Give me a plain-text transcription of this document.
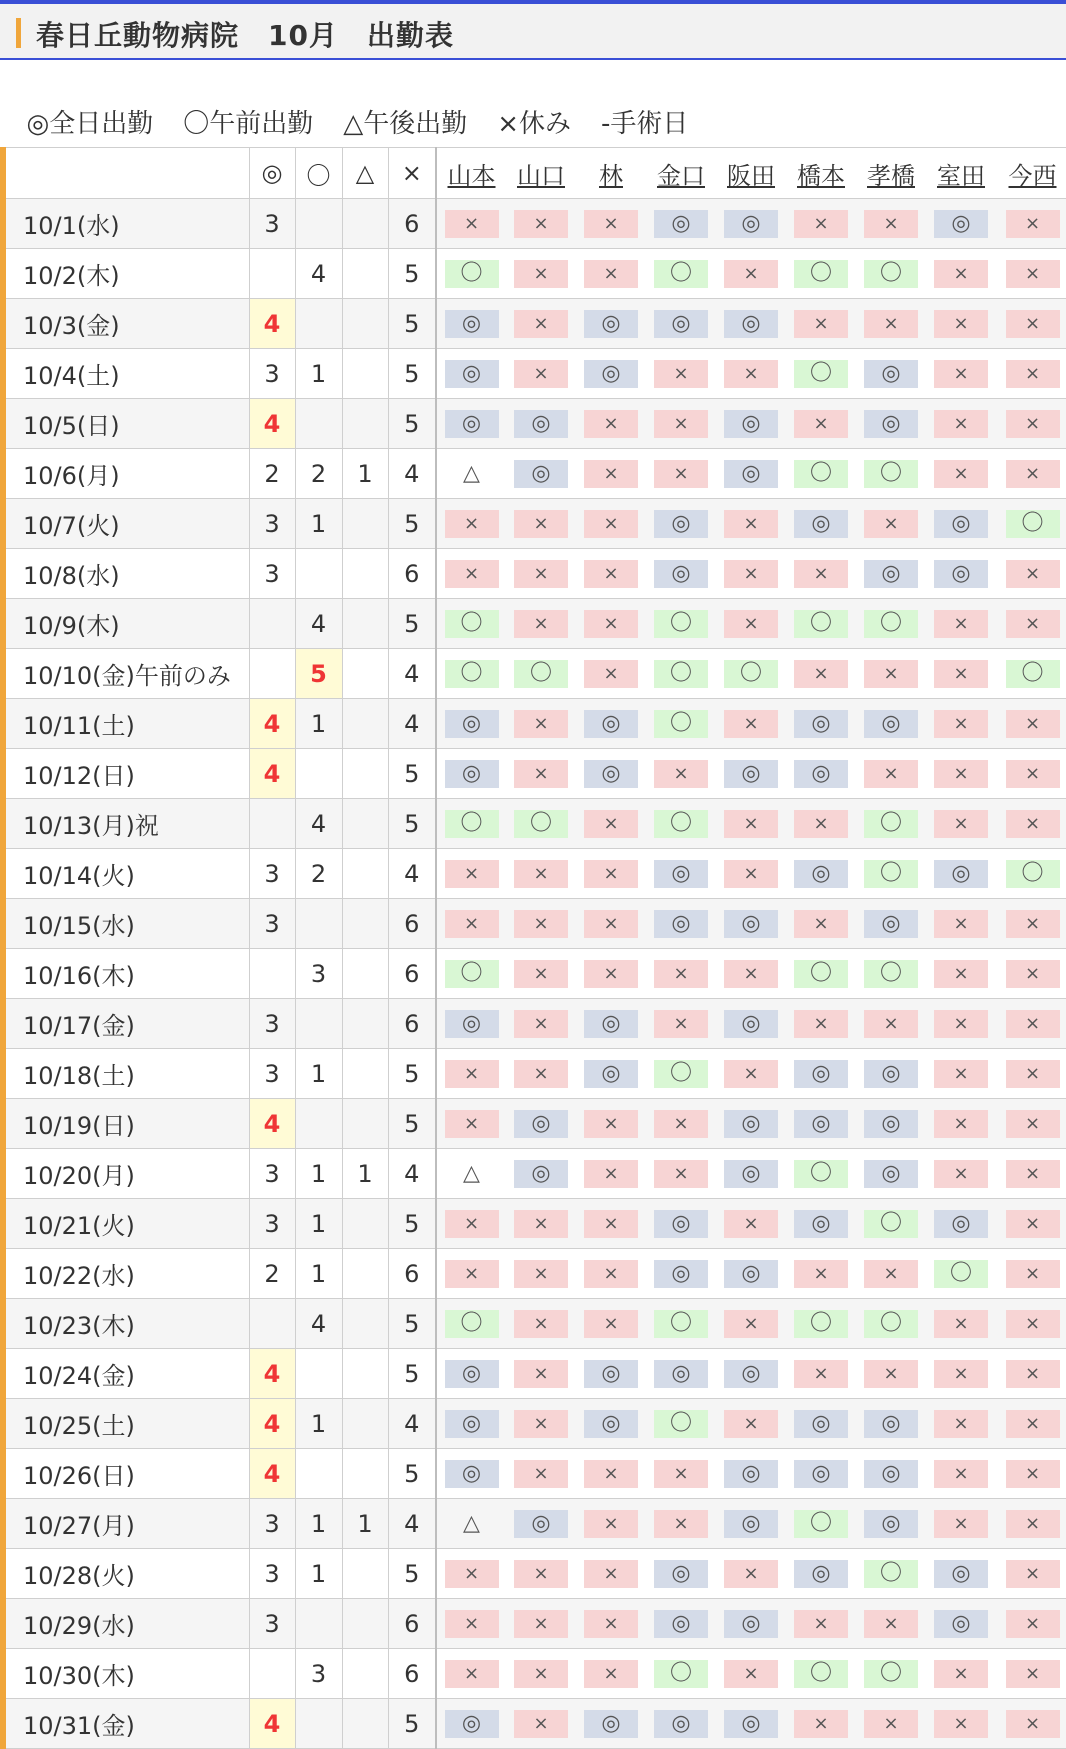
春日丘動物病院　10月　出勤表

◎全日出勤 〇午前出勤 △午後出勤 ×休み -手術日

	◎	〇	△	×	山本	山口	林	金口	阪田	橋本	孝橋	室田	今西
10/1(水)	3			6	×	×	×	◎	◎	×	×	◎	×
10/2(木)		4		5	〇	×	×	〇	×	〇	〇	×	×
10/3(金)	4			5	◎	×	◎	◎	◎	×	×	×	×
10/4(土)	3	1		5	◎	×	◎	×	×	〇	◎	×	×
10/5(日)	4			5	◎	◎	×	×	◎	×	◎	×	×
10/6(月)	2	2	1	4	△	◎	×	×	◎	〇	〇	×	×
10/7(火)	3	1		5	×	×	×	◎	×	◎	×	◎	〇
10/8(水)	3			6	×	×	×	◎	×	×	◎	◎	×
10/9(木)		4		5	〇	×	×	〇	×	〇	〇	×	×
10/10(金)午前のみ		5		4	〇	〇	×	〇	〇	×	×	×	〇
10/11(土)	4	1		4	◎	×	◎	〇	×	◎	◎	×	×
10/12(日)	4			5	◎	×	◎	×	◎	◎	×	×	×
10/13(月)祝		4		5	〇	〇	×	〇	×	×	〇	×	×
10/14(火)	3	2		4	×	×	×	◎	×	◎	〇	◎	〇
10/15(水)	3			6	×	×	×	◎	◎	×	◎	×	×
10/16(木)		3		6	〇	×	×	×	×	〇	〇	×	×
10/17(金)	3			6	◎	×	◎	×	◎	×	×	×	×
10/18(土)	3	1		5	×	×	◎	〇	×	◎	◎	×	×
10/19(日)	4			5	×	◎	×	×	◎	◎	◎	×	×
10/20(月)	3	1	1	4	△	◎	×	×	◎	〇	◎	×	×
10/21(火)	3	1		5	×	×	×	◎	×	◎	〇	◎	×
10/22(水)	2	1		6	×	×	×	◎	◎	×	×	〇	×
10/23(木)		4		5	〇	×	×	〇	×	〇	〇	×	×
10/24(金)	4			5	◎	×	◎	◎	◎	×	×	×	×
10/25(土)	4	1		4	◎	×	◎	〇	×	◎	◎	×	×
10/26(日)	4			5	◎	×	×	×	◎	◎	◎	×	×
10/27(月)	3	1	1	4	△	◎	×	×	◎	〇	◎	×	×
10/28(火)	3	1		5	×	×	×	◎	×	◎	〇	◎	×
10/29(水)	3			6	×	×	×	◎	◎	×	×	◎	×
10/30(木)		3		6	×	×	×	〇	×	〇	〇	×	×
10/31(金)	4			5	◎	×	◎	◎	◎	×	×	×	×
